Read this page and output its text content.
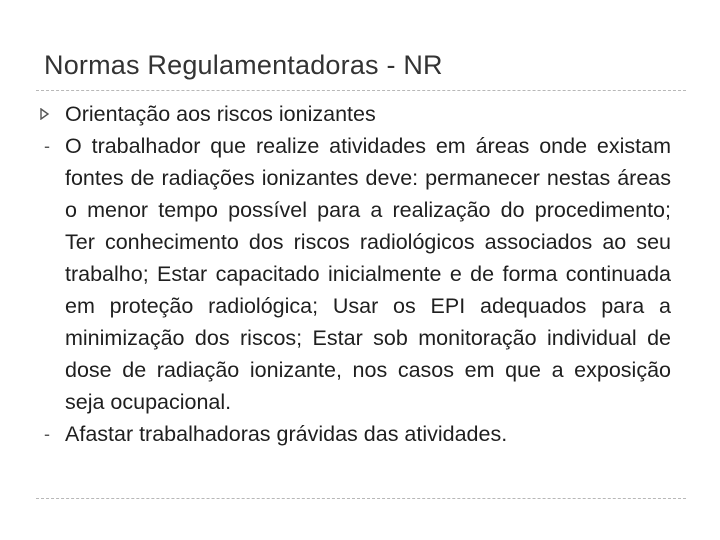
Normas Regulamentadoras - NR
Orientação aos riscos ionizantes
- O trabalhador que realize atividades em áreas onde existam fontes de radiações ionizantes deve: permanecer nestas áreas o menor tempo possível para a realização do procedimento; Ter conhecimento dos riscos radiológicos associados ao seu trabalho; Estar capacitado inicialmente e de forma continuada em proteção radiológica; Usar os EPI adequados para a minimização dos riscos; Estar sob monitoração individual de dose de radiação ionizante, nos casos em que a exposição seja ocupacional.
- Afastar trabalhadoras grávidas das atividades.
